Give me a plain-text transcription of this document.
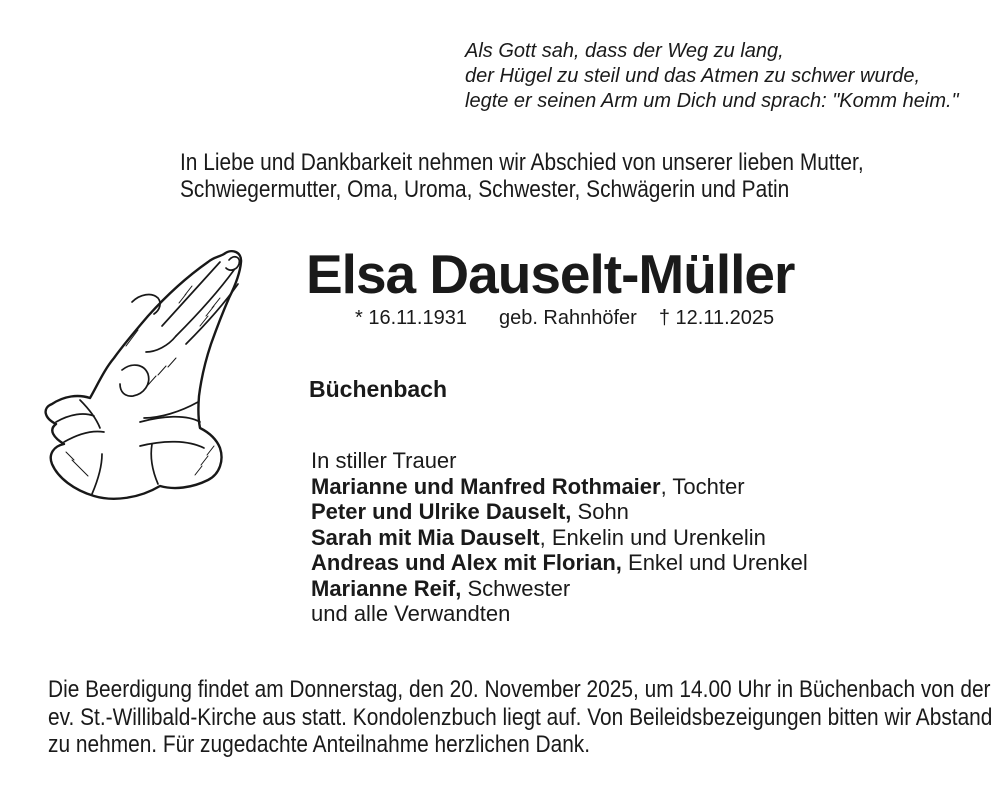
Als Gott sah, dass der Weg zu lang,
der Hügel zu steil und das Atmen zu schwer wurde,
legte er seinen Arm um Dich und sprach: "Komm heim."
In Liebe und Dankbarkeit nehmen wir Abschied von unserer lieben Mutter,
Schwiegermutter, Oma, Uroma, Schwester, Schwägerin und Patin
Elsa Dauselt-Müller
* 16.11.1931 geb. Rahnhöfer † 12.11.2025
Büchenbach
In stiller Trauer
Marianne und Manfred Rothmaier, Tochter
Peter und Ulrike Dauselt, Sohn
Sarah mit Mia Dauselt, Enkelin und Urenkelin
Andreas und Alex mit Florian, Enkel und Urenkel
Marianne Reif, Schwester
und alle Verwandten
Die Beerdigung findet am Donnerstag, den 20. November 2025, um 14.00 Uhr in Büchenbach von der
ev. St.-Willibald-Kirche aus statt. Kondolenzbuch liegt auf. Von Beileidsbezeigungen bitten wir Abstand
zu nehmen. Für zugedachte Anteilnahme herzlichen Dank.
